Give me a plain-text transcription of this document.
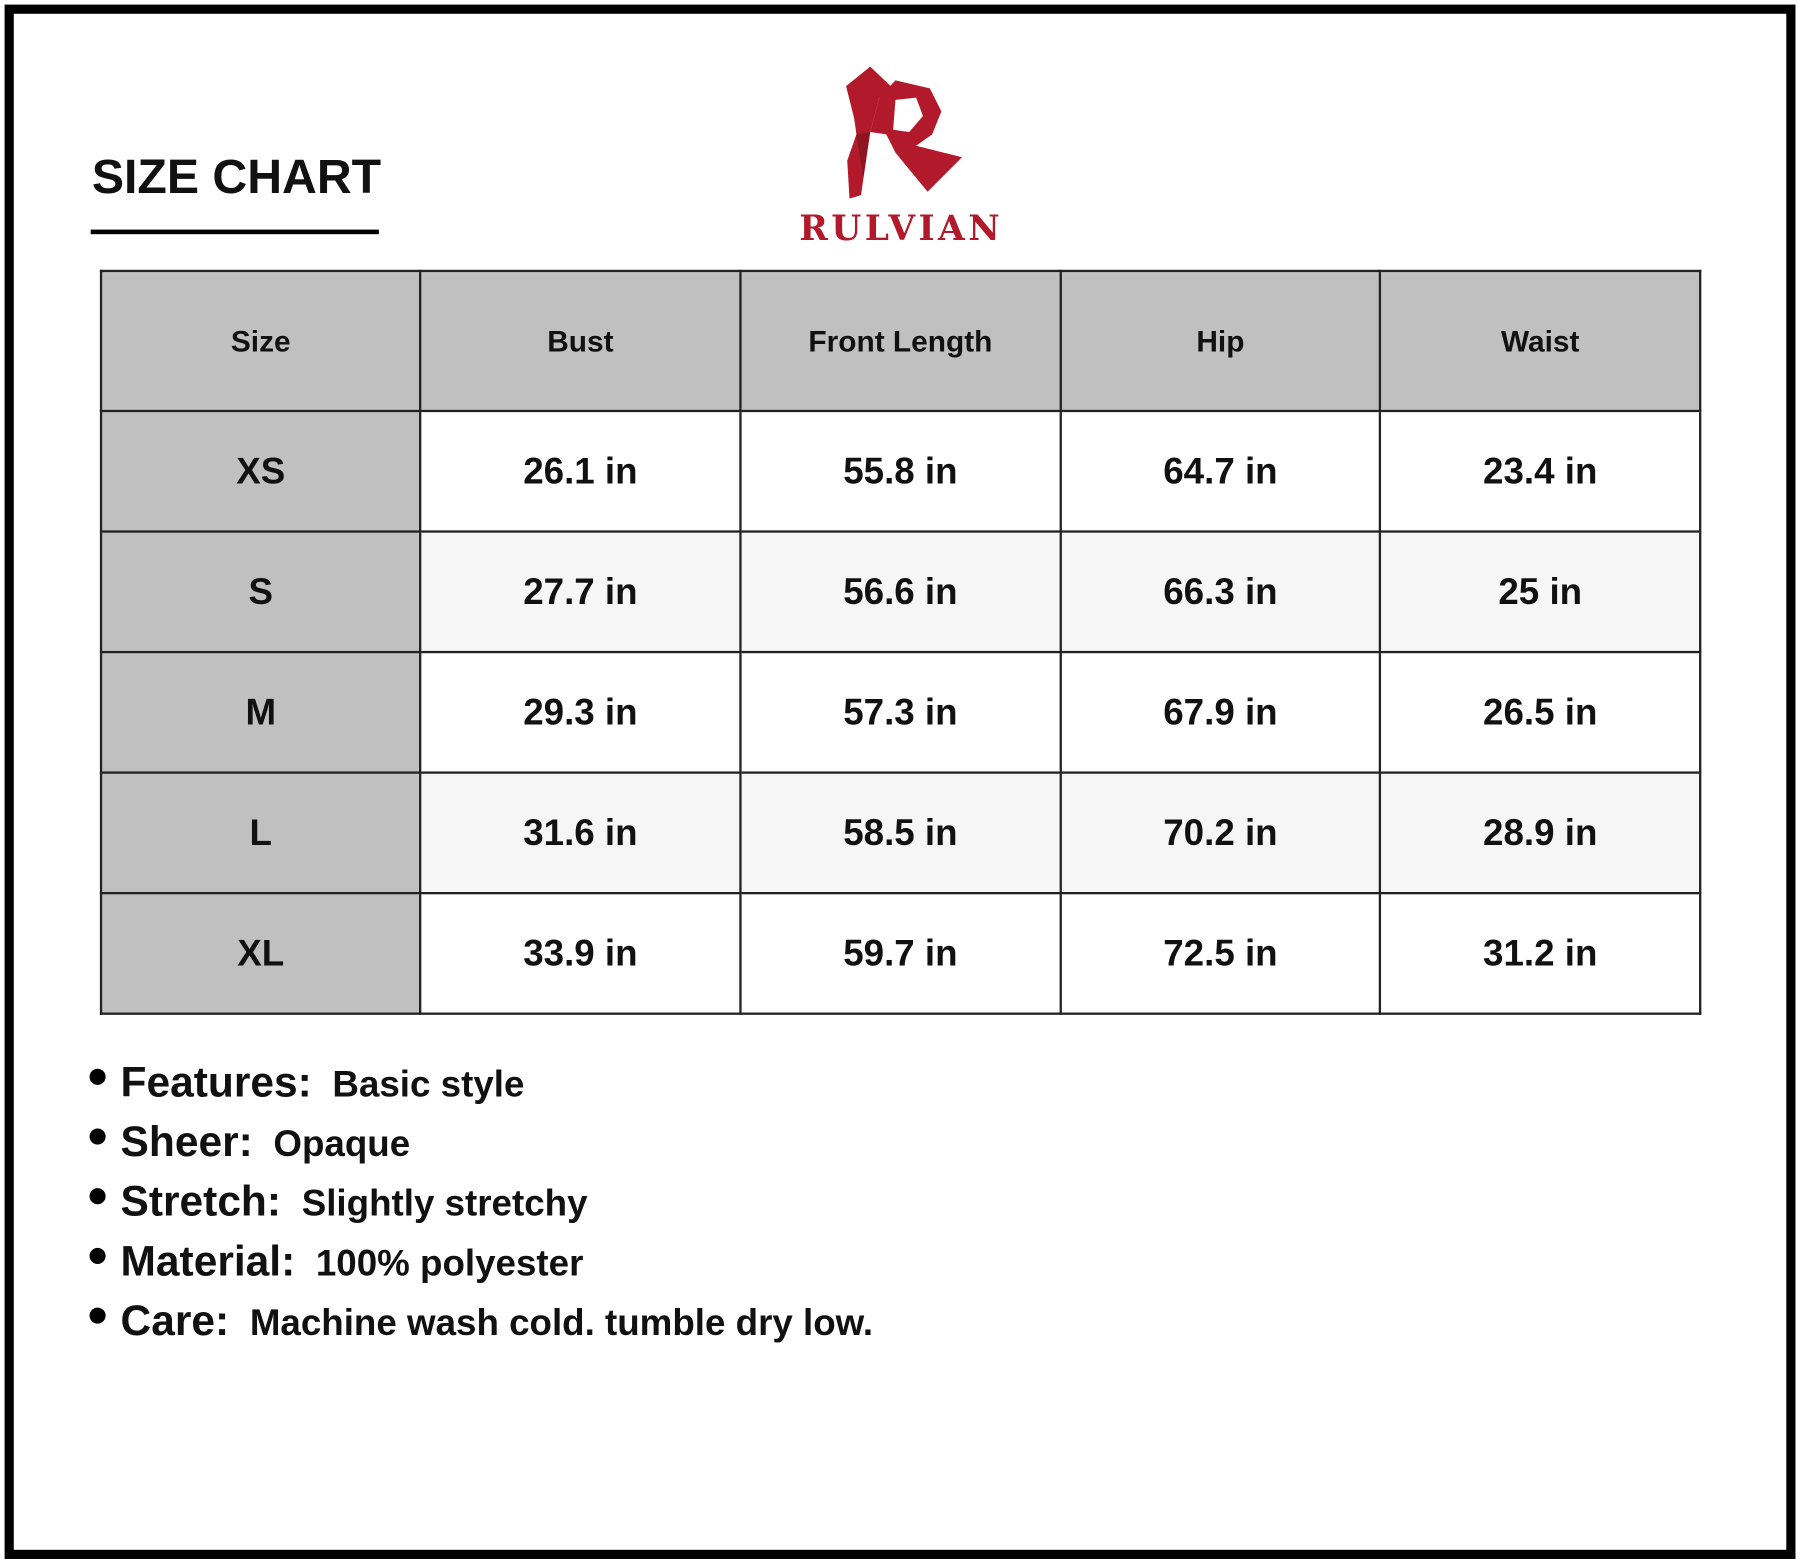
SIZE CHART
RULVIAN
Size	Bust	Front Length	Hip	Waist
XS	26.1 in	55.8 in	64.7 in	23.4 in
S	27.7 in	56.6 in	66.3 in	25 in
M	29.3 in	57.3 in	67.9 in	26.5 in
L	31.6 in	58.5 in	70.2 in	28.9 in
XL	33.9 in	59.7 in	72.5 in	31.2 in
Features: Basic style
Sheer: Opaque
Stretch: Slightly stretchy
Material: 100% polyester
Care: Machine wash cold. tumble dry low.
